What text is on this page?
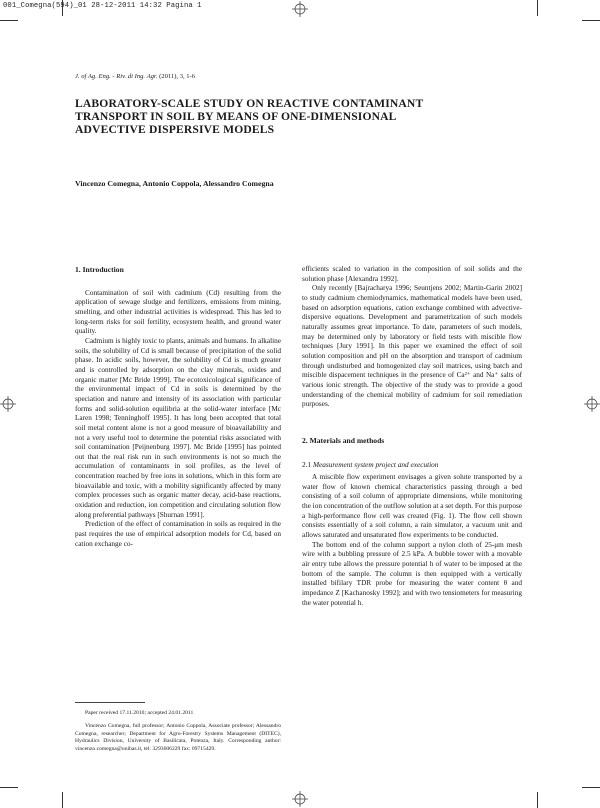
001_Comegna(594)_01 28-12-2011 14:32 Pagina 1
J. of Ag. Eng. - Riv. di Ing. Agr. (2011), 3, 1-6
LABORATORY-SCALE STUDY ON REACTIVE CONTAMINANT
TRANSPORT IN SOIL BY MEANS OF ONE-DIMENSIONAL
ADVECTIVE DISPERSIVE MODELS
Vincenzo Comegna, Antonio Coppola, Alessandro Comegna
1. Introduction

Contamination of soil with cadmium (Cd) resulting from the application of sewage sludge and fertilizers, emissions from mining, smelting, and other industrial activities is widespread. This has led to long-term risks for soil fertility, ecosystem health, and ground water quality.

Cadmium is highly toxic to plants, animals and humans. In alkaline soils, the solubility of Cd is small because of precipitation of the solid phase. In acidic soils, however, the solubility of Cd is much greater and is controlled by adsorption on the clay minerals, oxides and organic matter [Mc Bride 1999]. The ecotoxicological significance of the environmental impact of Cd in soils is determined by the speciation and nature and intensity of its association with particular forms and solid-solution equilibria at the solid-water interface [Mc Laren 1998; Tenninghoff 1995]. It has long been accepted that total soil metal content alone is not a good measure of bioavailability and not a very useful tool to determine the potential risks associated with soil contamination [Peijnenburg 1997]. Mc Bride [1995] has pointed out that the real risk run in such environments is not so much the accumulation of contaminants in soil profiles, as the level of concentration reached by free ions in solutions, which in this form are bioavailable and toxic, with a mobility significantly affected by many complex processes such as organic matter decay, acid-base reactions, oxidation and reduction, ion competition and circulating solution flow along preferential pathways [Shurnan 1991].

Prediction of the effect of contamination in soils as required in the past requires the use of empirical adsorption models for Cd, based on cation exchange co-

efficients scaled to variation in the composition of soil solids and the solution phase [Alexandra 1992].

Only recently [Bajracharya 1996; Seuntjens 2002; Martin-Garin 2002] to study cadmium chemiodynamics, mathematical models have been used, based on adsorption equations, cation exchange combined with advective-dispersive equations. Development and parametrization of such models naturally assumes great importance. To date, parameters of such models, may be determined only by laboratory or field tests with miscible flow techniques [Jury 1991]. In this paper we examined the effect of soil solution composition and pH on the absorption and transport of cadmium through undisturbed and homogenized clay soil matrices, using batch and miscible dispacement techniques in the presence of Ca²⁺ and Na⁺ salts of various ionic strength. The objective of the study was to provide a good understanding of the chemical mobility of cadmium for soil remediation purposes.

2. Materials and methods
2.1 Measurement system project and execution

A miscible flow experiment envisages a given solute transported by a water flow of known chemical characteristics passing through a bed consisting of a soil column of appropriate dimensions, while monitoring the ion concentration of the outflow solution at a set depth. For this purpose a high-performance flow cell was created (Fig. 1). The flow cell shown consists essentially of a soil column, a rain simulator, a vacuum unit and allows saturated and unsaturated flow experiments to be conducted.

The bottom end of the column support a nylon cloth of 25-μm mesh wire with a bubbling pressure of 2.5 kPa. A bubble tower with a movable air entry tube allows the pressure potential h of water to be imposed at the bottom of the sample. The column is then equipped with a vertically installed bifilary TDR probe for measuring the water content θ and impedance Z [Kachanosky 1992]; and with two tensiometers for measuring the water potential h.

Paper received 17.11.2010; accepted 24.01.2011

Vincenzo Comegna, full professor; Antonio Coppola, Associate professor; Alessandro Comegna, researcher; Department for Agro-Forestry Systems Management (DITEC), Hydraulics Division, University of Basilicata, Potenza, Italy. Corresponding author: vincenzo.comegna@unibas.it, tel: 3293606229 fax: 09715429.
